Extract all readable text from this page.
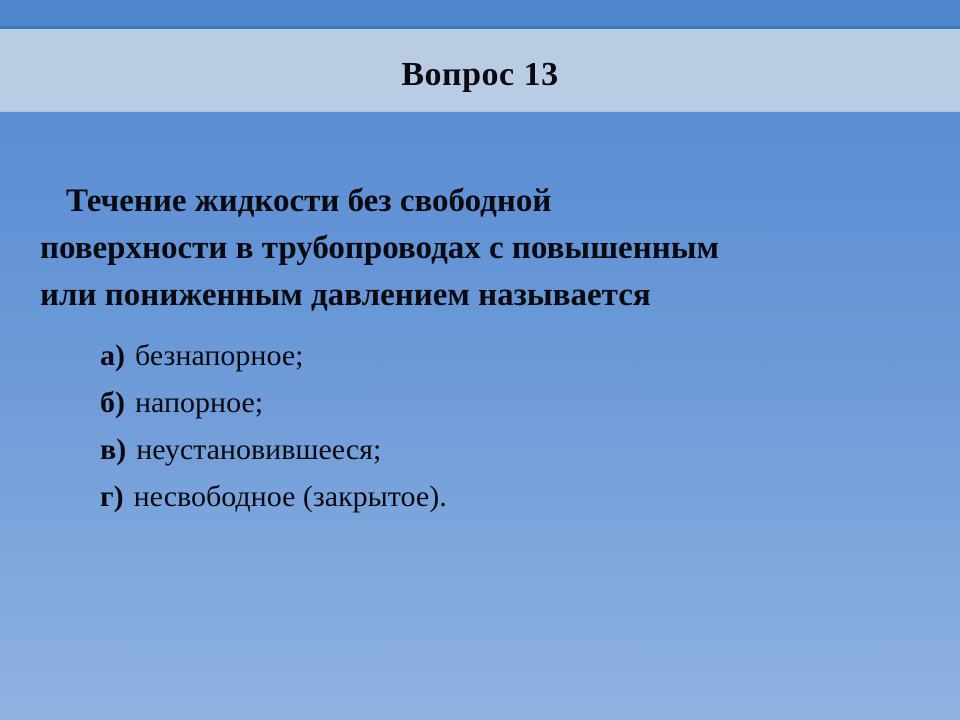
Вопрос 13
Течение жидкости без свободной
поверхности в трубопроводах с повышенным
или пониженным давлением называется
а) безнапорное;
б) напорное;
в) неустановившееся;
г) несвободное (закрытое).
